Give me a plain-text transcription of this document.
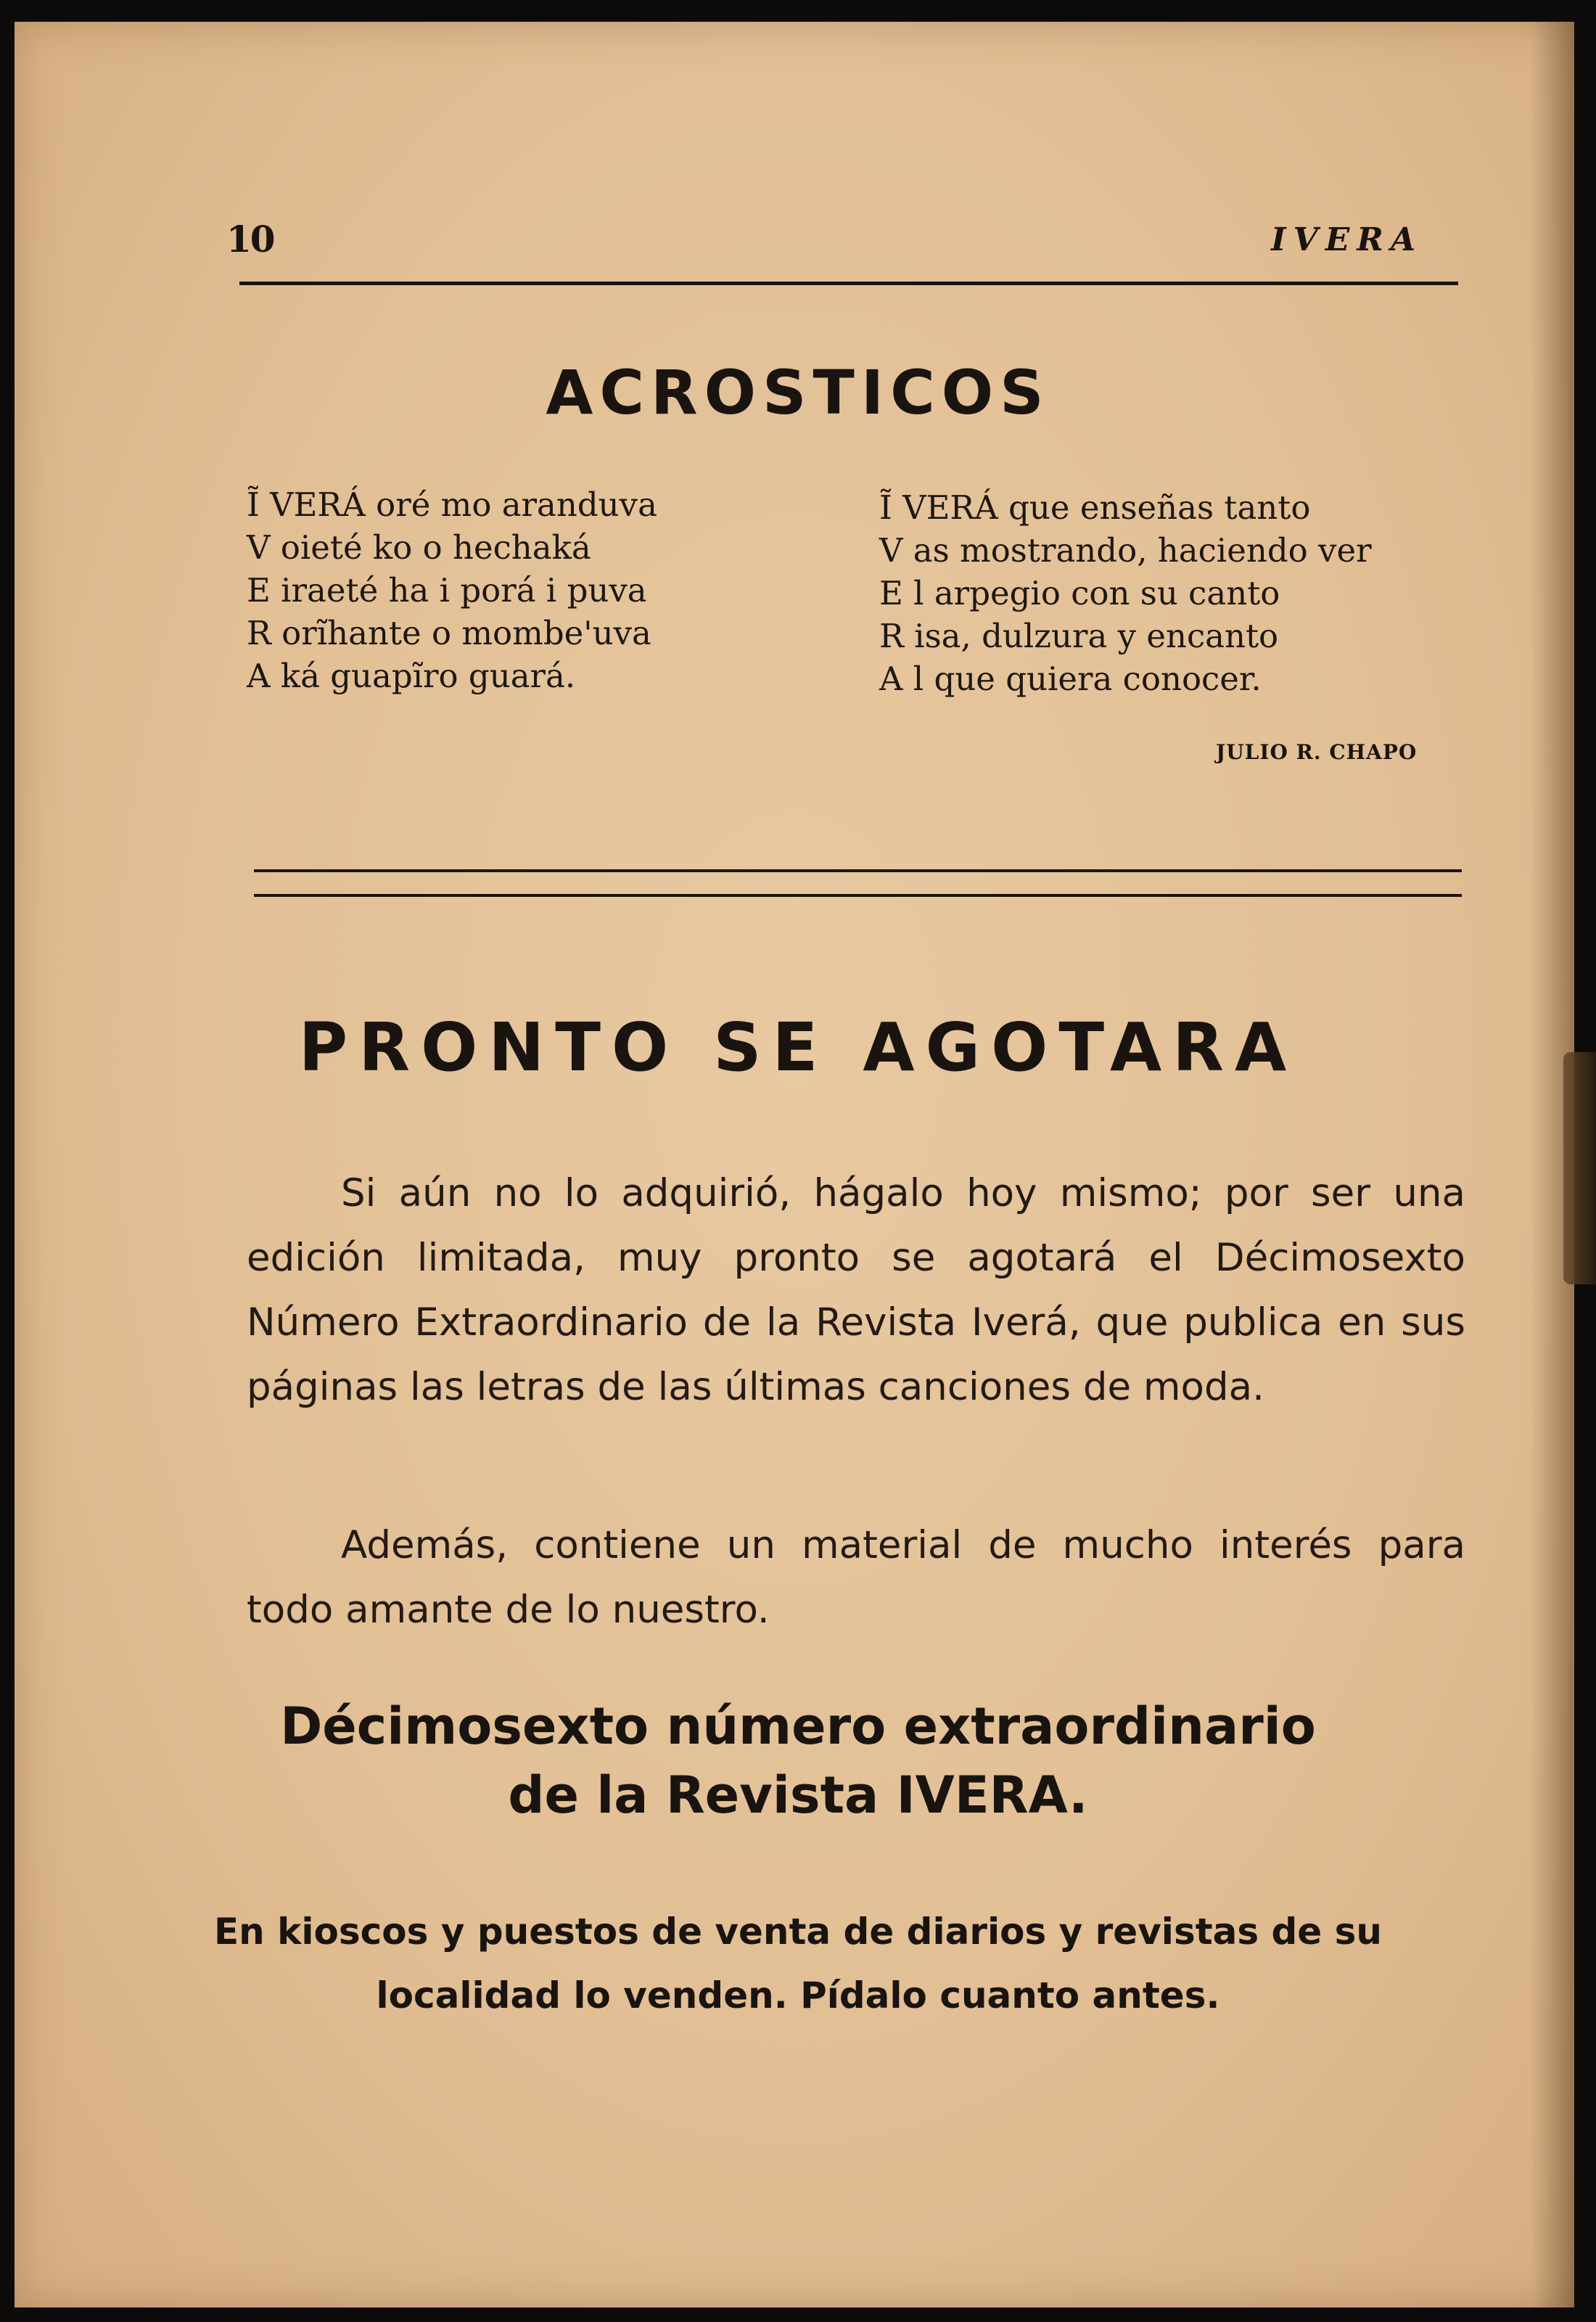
10	IVERA
ACROSTICOS
Ĩ VERÁ oré mo aranduva
V oieté ko o hechaká
E iraeté ha i porá i puva
R orĩhante o mombe'uva
A ká guapĩro guará.
Ĩ VERÁ que enseñas tanto
V as mostrando, haciendo ver
E l arpegio con su canto
R isa, dulzura y encanto
A l que quiera conocer.
JULIO R. CHAPO
PRONTO SE AGOTARA
Si aún no lo adquirió, hágalo hoy mismo; por ser una edición limitada, muy pronto se agotará el Décimosexto Número Extraordinario de la Revista Iverá, que publica en sus páginas las letras de las últimas canciones de moda.
Además, contiene un material de mucho interés para todo amante de lo nuestro.
Décimosexto número extraordinario
de la Revista IVERA.
En kioscos y puestos de venta de diarios y revistas de su
localidad lo venden. Pídalo cuanto antes.
